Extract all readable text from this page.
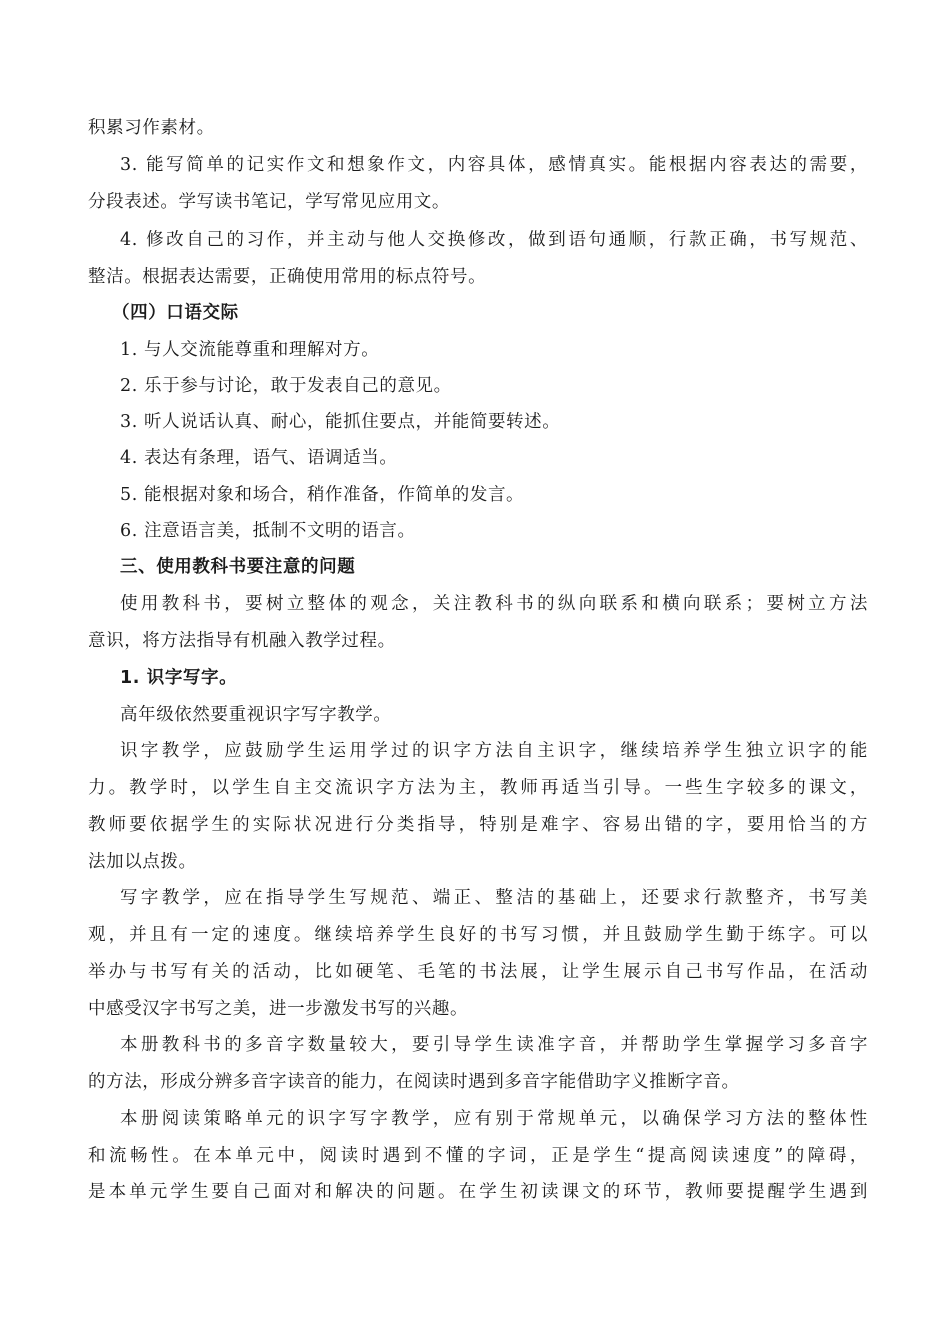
积累习作素材。
3. 能写简单的记实作文和想象作文，内容具体，感情真实。能根据内容表达的需要，
分段表述。学写读书笔记，学写常见应用文。
4. 修改自己的习作，并主动与他人交换修改，做到语句通顺，行款正确，书写规范、
整洁。根据表达需要，正确使用常用的标点符号。
（四）口语交际
1. 与人交流能尊重和理解对方。
2. 乐于参与讨论，敢于发表自己的意见。
3. 听人说话认真、耐心，能抓住要点，并能简要转述。
4. 表达有条理，语气、语调适当。
5. 能根据对象和场合，稍作准备，作简单的发言。
6. 注意语言美，抵制不文明的语言。
三、使用教科书要注意的问题
使用教科书，要树立整体的观念，关注教科书的纵向联系和横向联系；要树立方法
意识，将方法指导有机融入教学过程。
1. 识字写字。
高年级依然要重视识字写字教学。
识字教学，应鼓励学生运用学过的识字方法自主识字，继续培养学生独立识字的能
力。教学时，以学生自主交流识字方法为主，教师再适当引导。一些生字较多的课文，
教师要依据学生的实际状况进行分类指导，特别是难字、容易出错的字，要用恰当的方
法加以点拨。
写字教学，应在指导学生写规范、端正、整洁的基础上，还要求行款整齐，书写美
观，并且有一定的速度。继续培养学生良好的书写习惯，并且鼓励学生勤于练字。可以
举办与书写有关的活动，比如硬笔、毛笔的书法展，让学生展示自己书写作品，在活动
中感受汉字书写之美，进一步激发书写的兴趣。
本册教科书的多音字数量较大，要引导学生读准字音，并帮助学生掌握学习多音字
的方法，形成分辨多音字读音的能力，在阅读时遇到多音字能借助字义推断字音。
本册阅读策略单元的识字写字教学，应有别于常规单元，以确保学习方法的整体性
和流畅性。在本单元中，阅读时遇到不懂的字词，正是学生“提高阅读速度”的障碍，
是本单元学生要自己面对和解决的问题。在学生初读课文的环节，教师要提醒学生遇到
